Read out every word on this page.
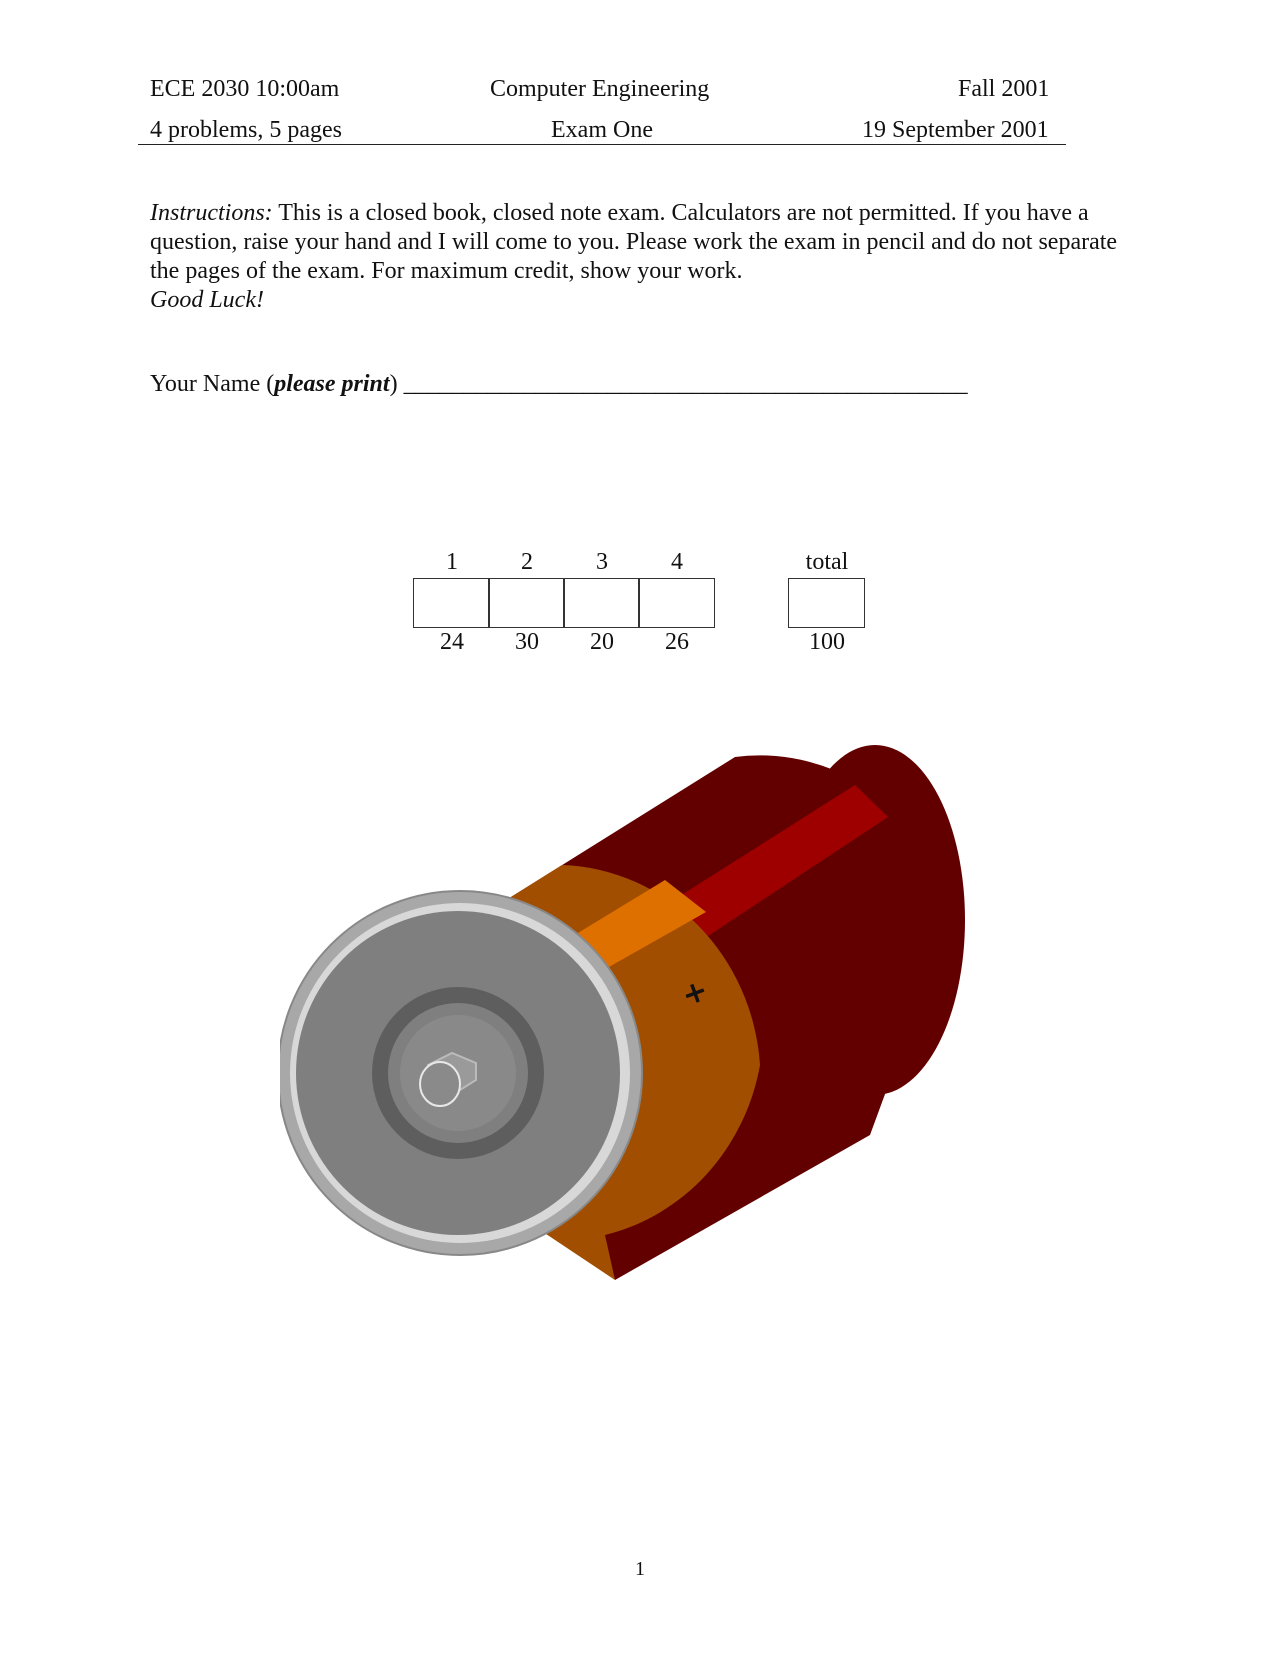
ECE 2030 10:00am	Computer Engineering	Fall 2001
4 problems, 5 pages	Exam One	19 September 2001
Instructions: This is a closed book, closed note exam. Calculators are not permitted. If you have a question, raise your hand and I will come to you. Please work the exam in pencil and do not separate the pages of the exam. For maximum credit, show your work.
Good Luck!
Your Name (please print) _______________________________________________
1	2	3	4	total
24	30	20	26	100
+
1
